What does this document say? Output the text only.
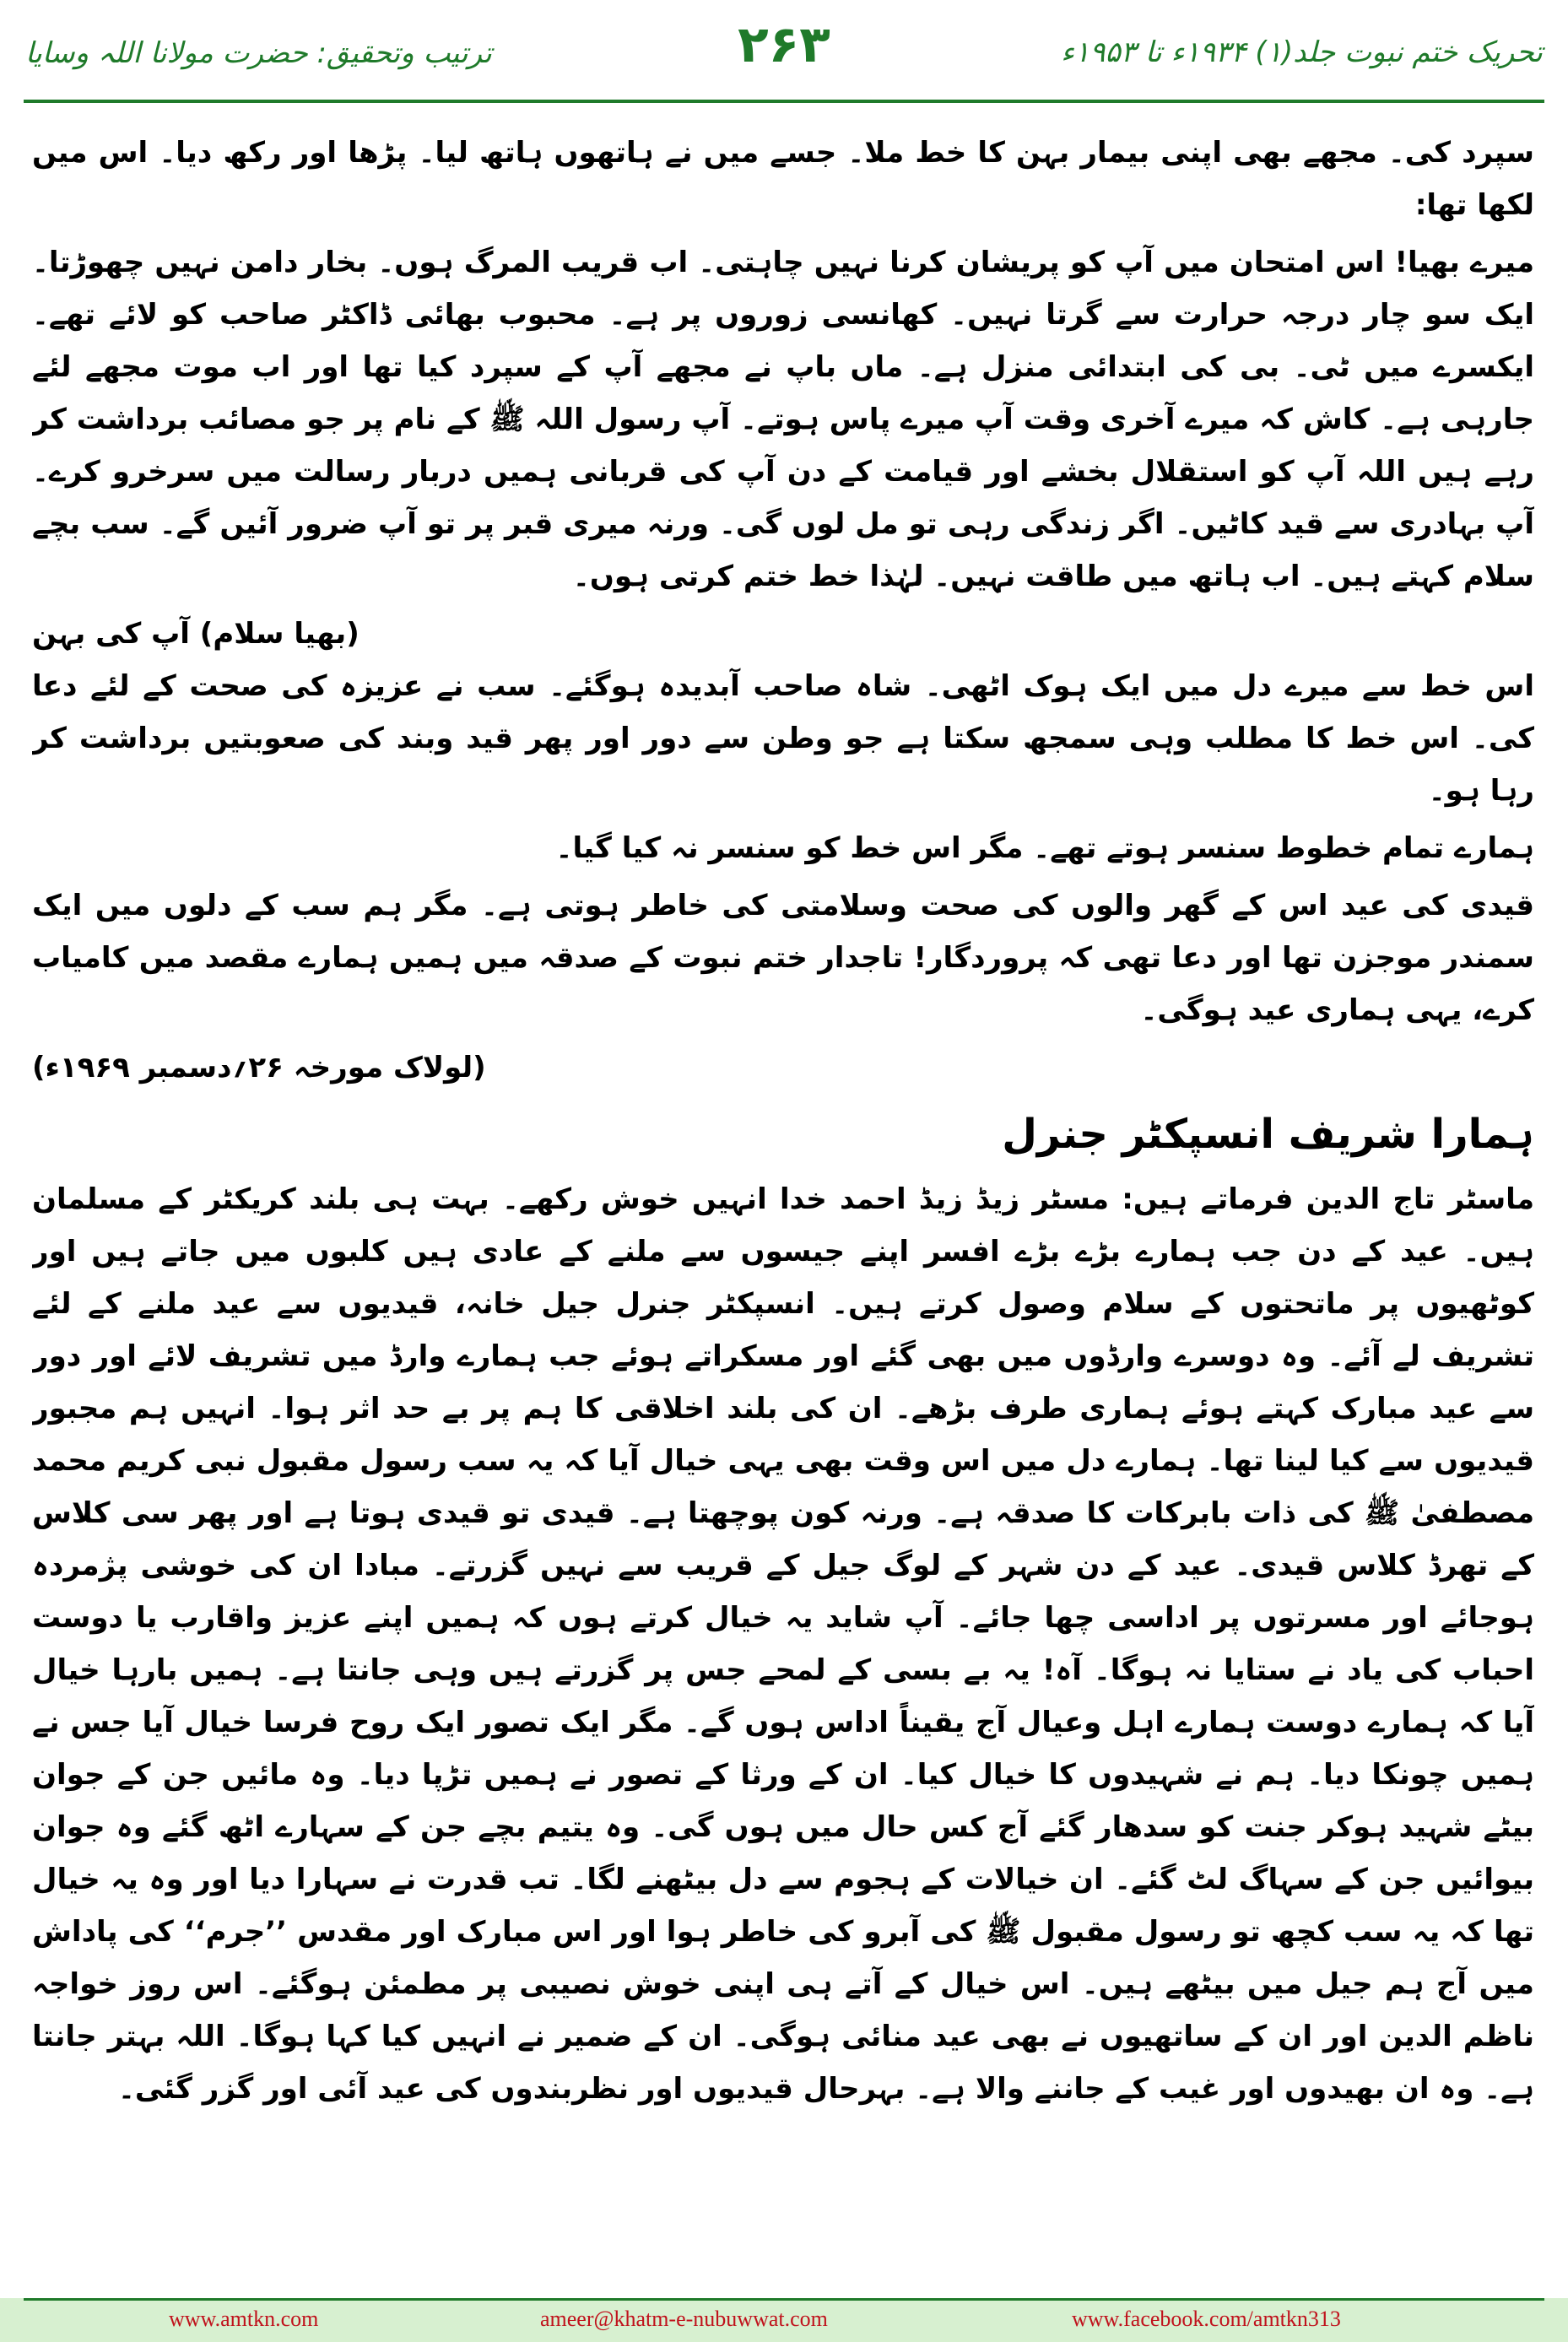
ترتیب وتحقیق: حضرت مولانا اللہ وسایا	۲۶۳	تحریک ختم نبوت جلد(۱) ۱۹۳۴ء تا ۱۹۵۳ء

سپرد کی۔ مجھے بھی اپنی بیمار بہن کا خط ملا۔ جسے میں نے ہاتھوں ہاتھ لیا۔ پڑھا اور رکھ دیا۔ اس میں لکھا تھا:

میرے بھیا! اس امتحان میں آپ کو پریشان کرنا نہیں چاہتی۔ اب قریب المرگ ہوں۔ بخار دامن نہیں چھوڑتا۔ ایک سو چار درجہ حرارت سے گرتا نہیں۔ کھانسی زوروں پر ہے۔ محبوب بھائی ڈاکٹر صاحب کو لائے تھے۔ ایکسرے میں ٹی۔ بی کی ابتدائی منزل ہے۔ ماں باپ نے مجھے آپ کے سپرد کیا تھا اور اب موت مجھے لئے جارہی ہے۔ کاش کہ میرے آخری وقت آپ میرے پاس ہوتے۔ آپ رسول اللہ ﷺ کے نام پر جو مصائب برداشت کر رہے ہیں اللہ آپ کو استقلال بخشے اور قیامت کے دن آپ کی قربانی ہمیں دربار رسالت میں سرخرو کرے۔ آپ بہادری سے قید کاٹیں۔ اگر زندگی رہی تو مل لوں گی۔ ورنہ میری قبر پر تو آپ ضرور آئیں گے۔ سب بچے سلام کہتے ہیں۔ اب ہاتھ میں طاقت نہیں۔ لہٰذا خط ختم کرتی ہوں۔

(بھیا سلام) آپ کی بہن

اس خط سے میرے دل میں ایک ہوک اٹھی۔ شاہ صاحب آبدیدہ ہوگئے۔ سب نے عزیزہ کی صحت کے لئے دعا کی۔ اس خط کا مطلب وہی سمجھ سکتا ہے جو وطن سے دور اور پھر قید وبند کی صعوبتیں برداشت کر رہا ہو۔

ہمارے تمام خطوط سنسر ہوتے تھے۔ مگر اس خط کو سنسر نہ کیا گیا۔

قیدی کی عید اس کے گھر والوں کی صحت وسلامتی کی خاطر ہوتی ہے۔ مگر ہم سب کے دلوں میں ایک سمندر موجزن تھا اور دعا تھی کہ پروردگار! تاجدار ختم نبوت کے صدقہ میں ہمیں ہمارے مقصد میں کامیاب کرے، یہی ہماری عید ہوگی۔

(لولاک مورخہ ۲۶؍دسمبر ۱۹۶۹ء)
ہمارا شریف انسپکٹر جنرل

ماسٹر تاج الدین فرماتے ہیں: مسٹر زیڈ زیڈ احمد خدا انہیں خوش رکھے۔ بہت ہی بلند کریکٹر کے مسلمان ہیں۔ عید کے دن جب ہمارے بڑے بڑے افسر اپنے جیسوں سے ملنے کے عادی ہیں کلبوں میں جاتے ہیں اور کوٹھیوں پر ماتحتوں کے سلام وصول کرتے ہیں۔ انسپکٹر جنرل جیل خانہ، قیدیوں سے عید ملنے کے لئے تشریف لے آئے۔ وہ دوسرے وارڈوں میں بھی گئے اور مسکراتے ہوئے جب ہمارے وارڈ میں تشریف لائے اور دور سے عید مبارک کہتے ہوئے ہماری طرف بڑھے۔ ان کی بلند اخلاقی کا ہم پر بے حد اثر ہوا۔ انہیں ہم مجبور قیدیوں سے کیا لینا تھا۔ ہمارے دل میں اس وقت بھی یہی خیال آیا کہ یہ سب رسول مقبول نبی کریم محمد مصطفیٰ ﷺ کی ذات بابرکات کا صدقہ ہے۔ ورنہ کون پوچھتا ہے۔ قیدی تو قیدی ہوتا ہے اور پھر سی کلاس کے تھرڈ کلاس قیدی۔ عید کے دن شہر کے لوگ جیل کے قریب سے نہیں گزرتے۔ مبادا ان کی خوشی پژمردہ ہوجائے اور مسرتوں پر اداسی چھا جائے۔ آپ شاید یہ خیال کرتے ہوں کہ ہمیں اپنے عزیز واقارب یا دوست احباب کی یاد نے ستایا نہ ہوگا۔ آہ! یہ بے بسی کے لمحے جس پر گزرتے ہیں وہی جانتا ہے۔ ہمیں بارہا خیال آیا کہ ہمارے دوست ہمارے اہل وعیال آج یقیناً اداس ہوں گے۔ مگر ایک تصور ایک روح فرسا خیال آیا جس نے ہمیں چونکا دیا۔ ہم نے شہیدوں کا خیال کیا۔ ان کے ورثا کے تصور نے ہمیں تڑپا دیا۔ وہ مائیں جن کے جوان بیٹے شہید ہوکر جنت کو سدھار گئے آج کس حال میں ہوں گی۔ وہ یتیم بچے جن کے سہارے اٹھ گئے وہ جوان بیوائیں جن کے سہاگ لٹ گئے۔ ان خیالات کے ہجوم سے دل بیٹھنے لگا۔ تب قدرت نے سہارا دیا اور وہ یہ خیال تھا کہ یہ سب کچھ تو رسول مقبول ﷺ کی آبرو کی خاطر ہوا اور اس مبارک اور مقدس ’’جرم‘‘ کی پاداش میں آج ہم جیل میں بیٹھے ہیں۔ اس خیال کے آتے ہی اپنی خوش نصیبی پر مطمئن ہوگئے۔ اس روز خواجہ ناظم الدین اور ان کے ساتھیوں نے بھی عید منائی ہوگی۔ ان کے ضمیر نے انہیں کیا کہا ہوگا۔ اللہ بہتر جانتا ہے۔ وہ ان بھیدوں اور غیب کے جاننے والا ہے۔ بہرحال قیدیوں اور نظربندوں کی عید آئی اور گزر گئی۔

www.amtkn.com	ameer@khatm-e-nubuwwat.com	www.facebook.com/amtkn313
